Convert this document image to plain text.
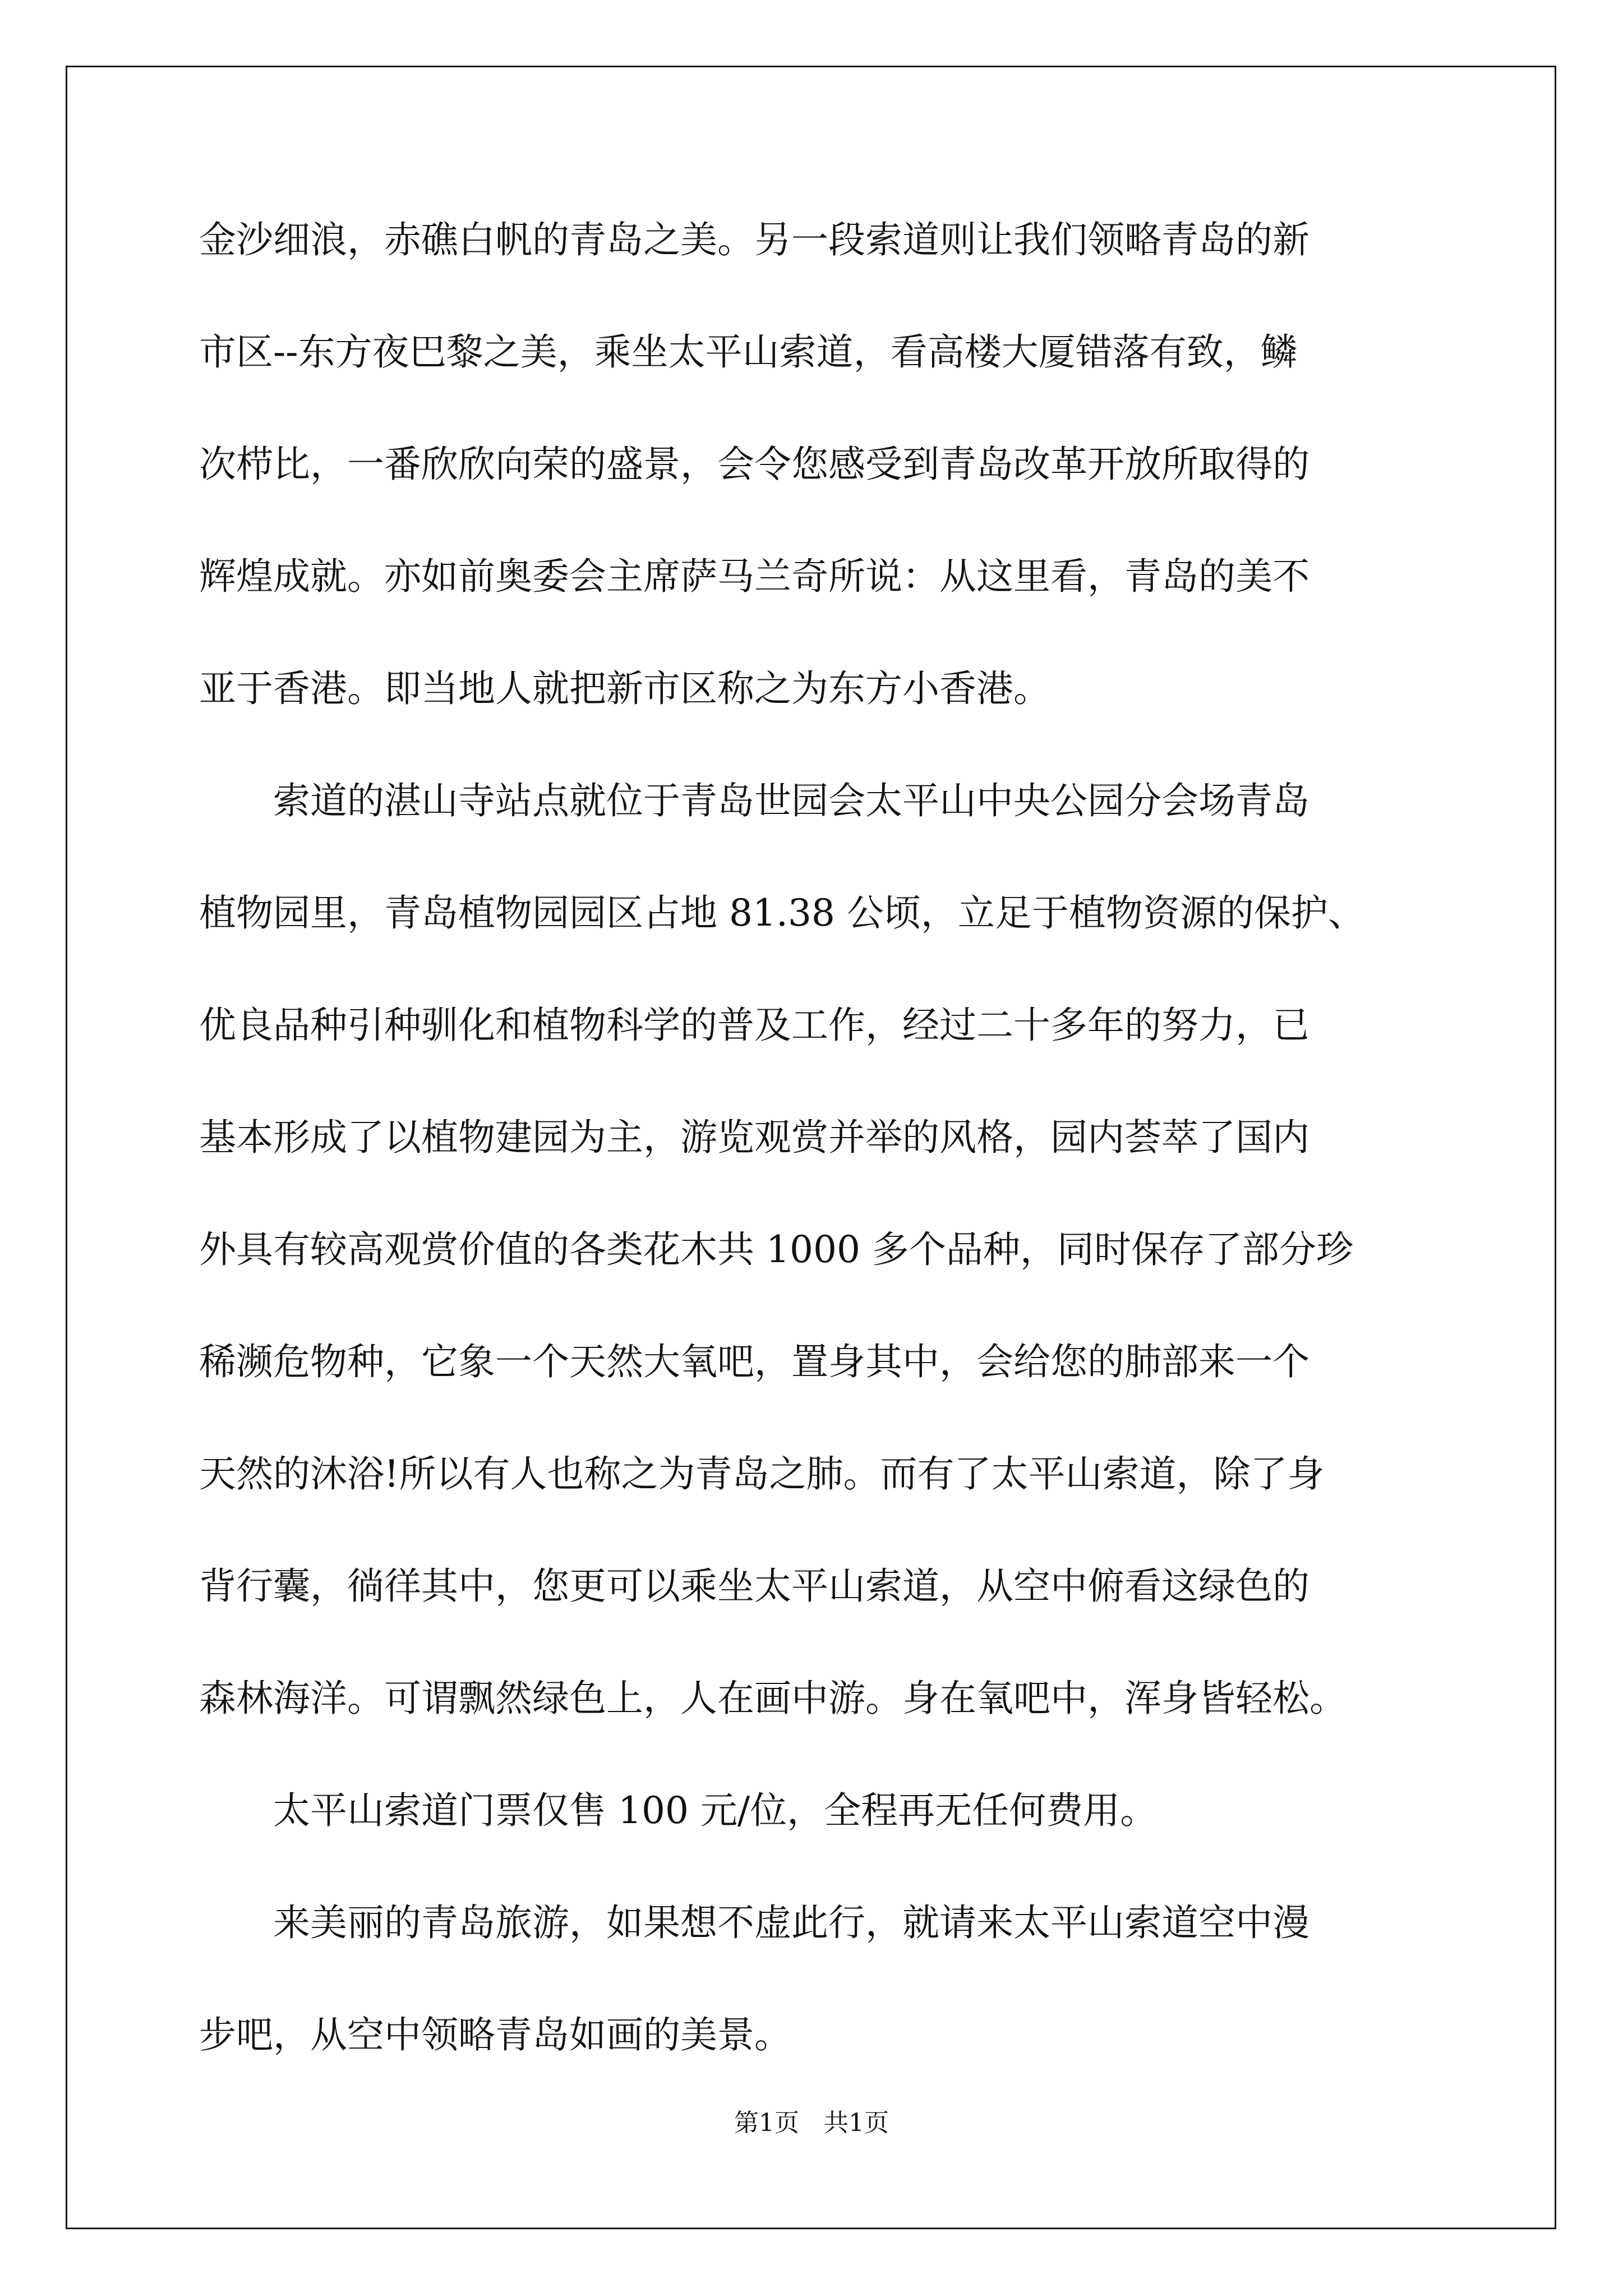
金沙细浪，赤礁白帆的青岛之美。另一段索道则让我们领略青岛的新
市区--东方夜巴黎之美，乘坐太平山索道，看高楼大厦错落有致，鳞
次栉比，一番欣欣向荣的盛景，会令您感受到青岛改革开放所取得的
辉煌成就。亦如前奥委会主席萨马兰奇所说：从这里看，青岛的美不
亚于香港。即当地人就把新市区称之为东方小香港。
　　索道的湛山寺站点就位于青岛世园会太平山中央公园分会场青岛
植物园里，青岛植物园园区占地 81.38 公顷，立足于植物资源的保护、
优良品种引种驯化和植物科学的普及工作，经过二十多年的努力，已
基本形成了以植物建园为主，游览观赏并举的风格，园内荟萃了国内
外具有较高观赏价值的各类花木共 1000 多个品种，同时保存了部分珍
稀濒危物种，它象一个天然大氧吧，置身其中，会给您的肺部来一个
天然的沐浴!所以有人也称之为青岛之肺。而有了太平山索道，除了身
背行囊，徜徉其中，您更可以乘坐太平山索道，从空中俯看这绿色的
森林海洋。可谓飘然绿色上，人在画中游。身在氧吧中，浑身皆轻松。
　　太平山索道门票仅售 100 元/位，全程再无任何费用。
　　来美丽的青岛旅游，如果想不虚此行，就请来太平山索道空中漫
步吧，从空中领略青岛如画的美景。
第1页　共1页
